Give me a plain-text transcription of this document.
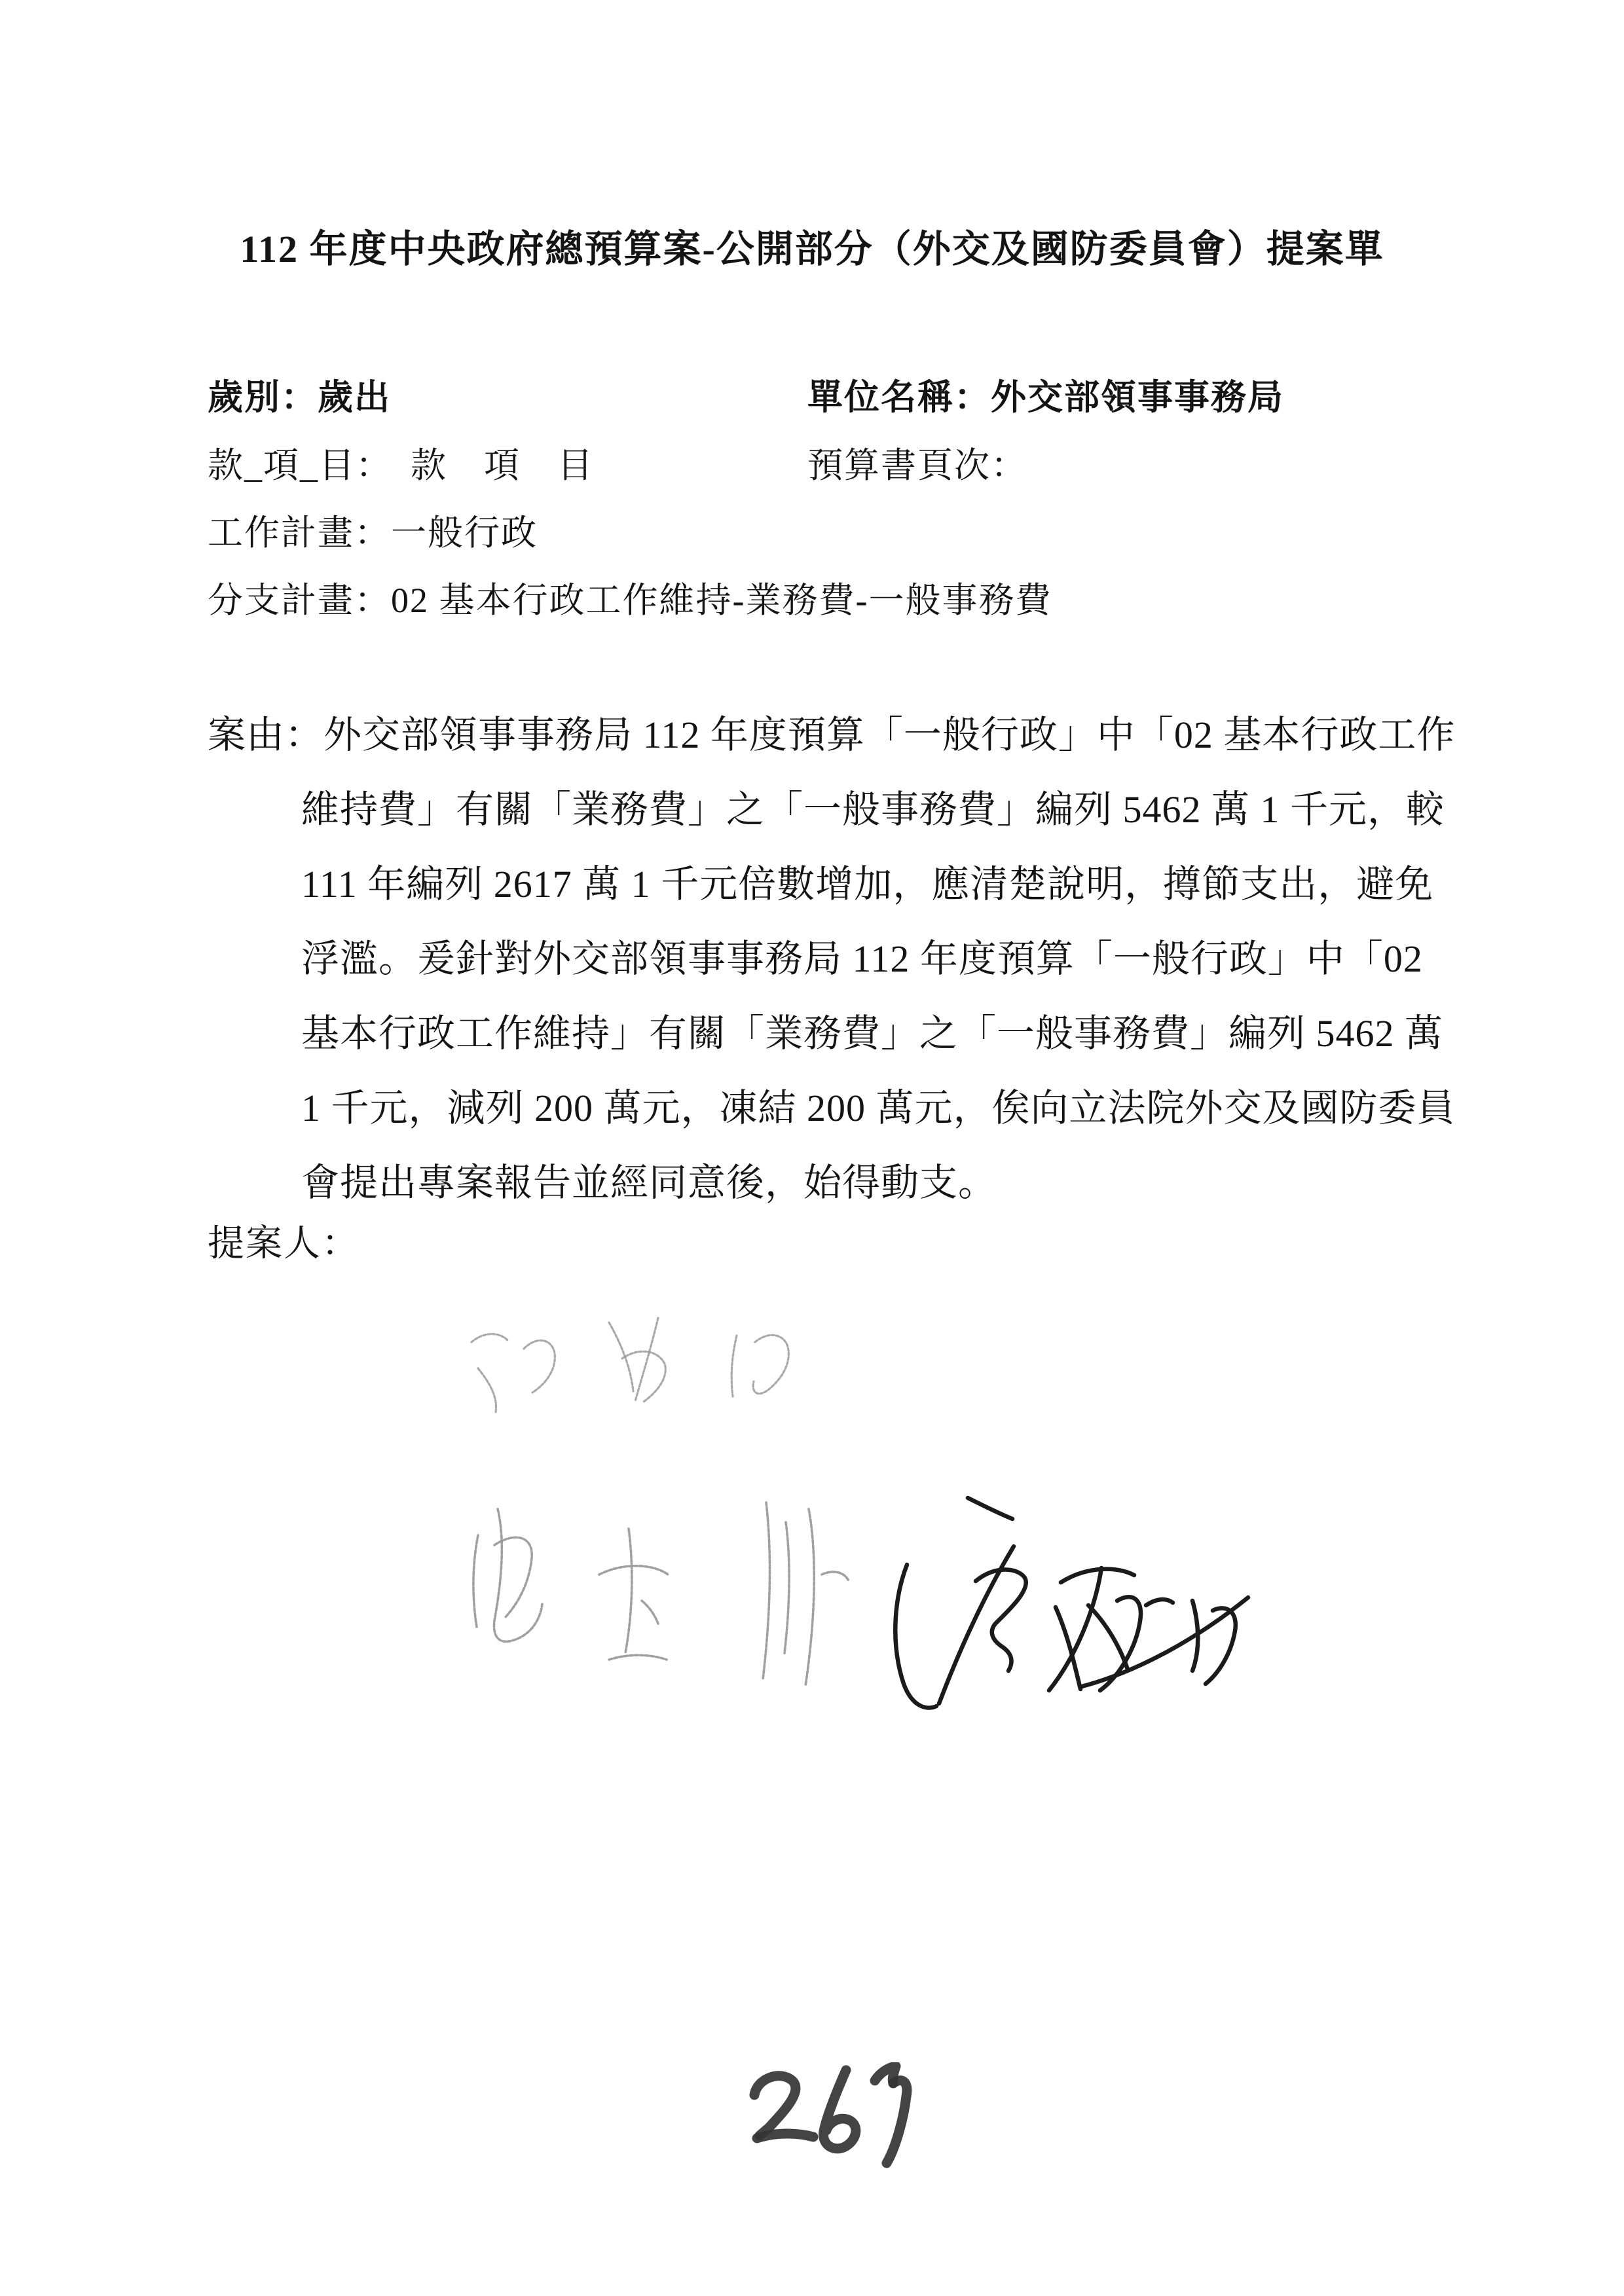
112 年度中央政府總預算案-公開部分（外交及國防委員會）提案單
歲別：歲出	單位名稱：外交部領事事務局
款_項_目： 款　項　目	預算書頁次：
工作計畫：一般行政
分支計畫：02 基本行政工作維持-業務費-一般事務費
案由：外交部領事事務局 112 年度預算「一般行政」中「02 基本行政工作
維持費」有關「業務費」之「一般事務費」編列 5462 萬 1 千元，較
111 年編列 2617 萬 1 千元倍數增加，應清楚說明，撙節支出，避免
浮濫。爰針對外交部領事事務局 112 年度預算「一般行政」中「02
基本行政工作維持」有關「業務費」之「一般事務費」編列 5462 萬
1 千元，減列 200 萬元，凍結 200 萬元，俟向立法院外交及國防委員
會提出專案報告並經同意後，始得動支。
提案人：
